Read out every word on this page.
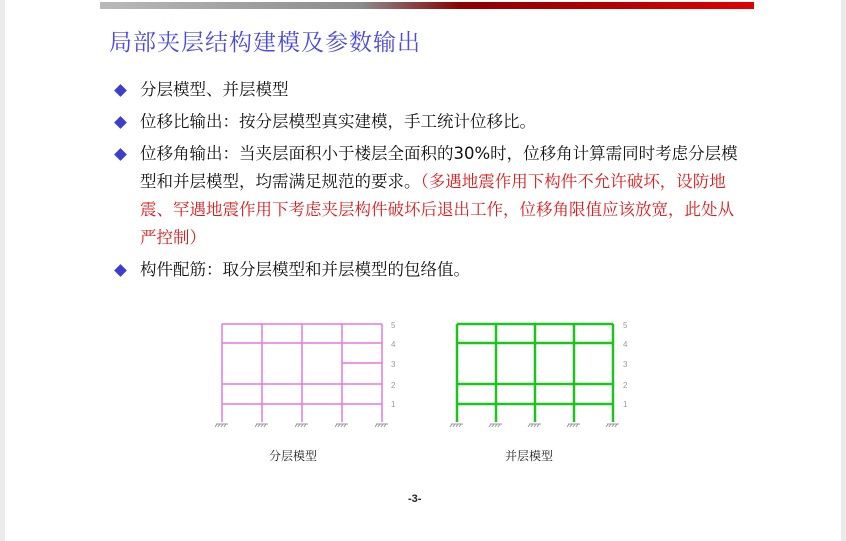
局部夹层结构建模及参数输出
分层模型、并层模型
位移比输出：按分层模型真实建模，手工统计位移比。
位移角输出：当夹层面积小于楼层全面积的30%时，位移角计算需同时考虑分层模型和并层模型，均需满足规范的要求。（多遇地震作用下构件不允许破坏，设防地震、罕遇地震作用下考虑夹层构件破坏后退出工作，位移角限值应该放宽，此处从严控制）
构件配筋：取分层模型和并层模型的包络值。
5
4
3
2
1
分层模型
5
4
3
2
1
并层模型
-3-
